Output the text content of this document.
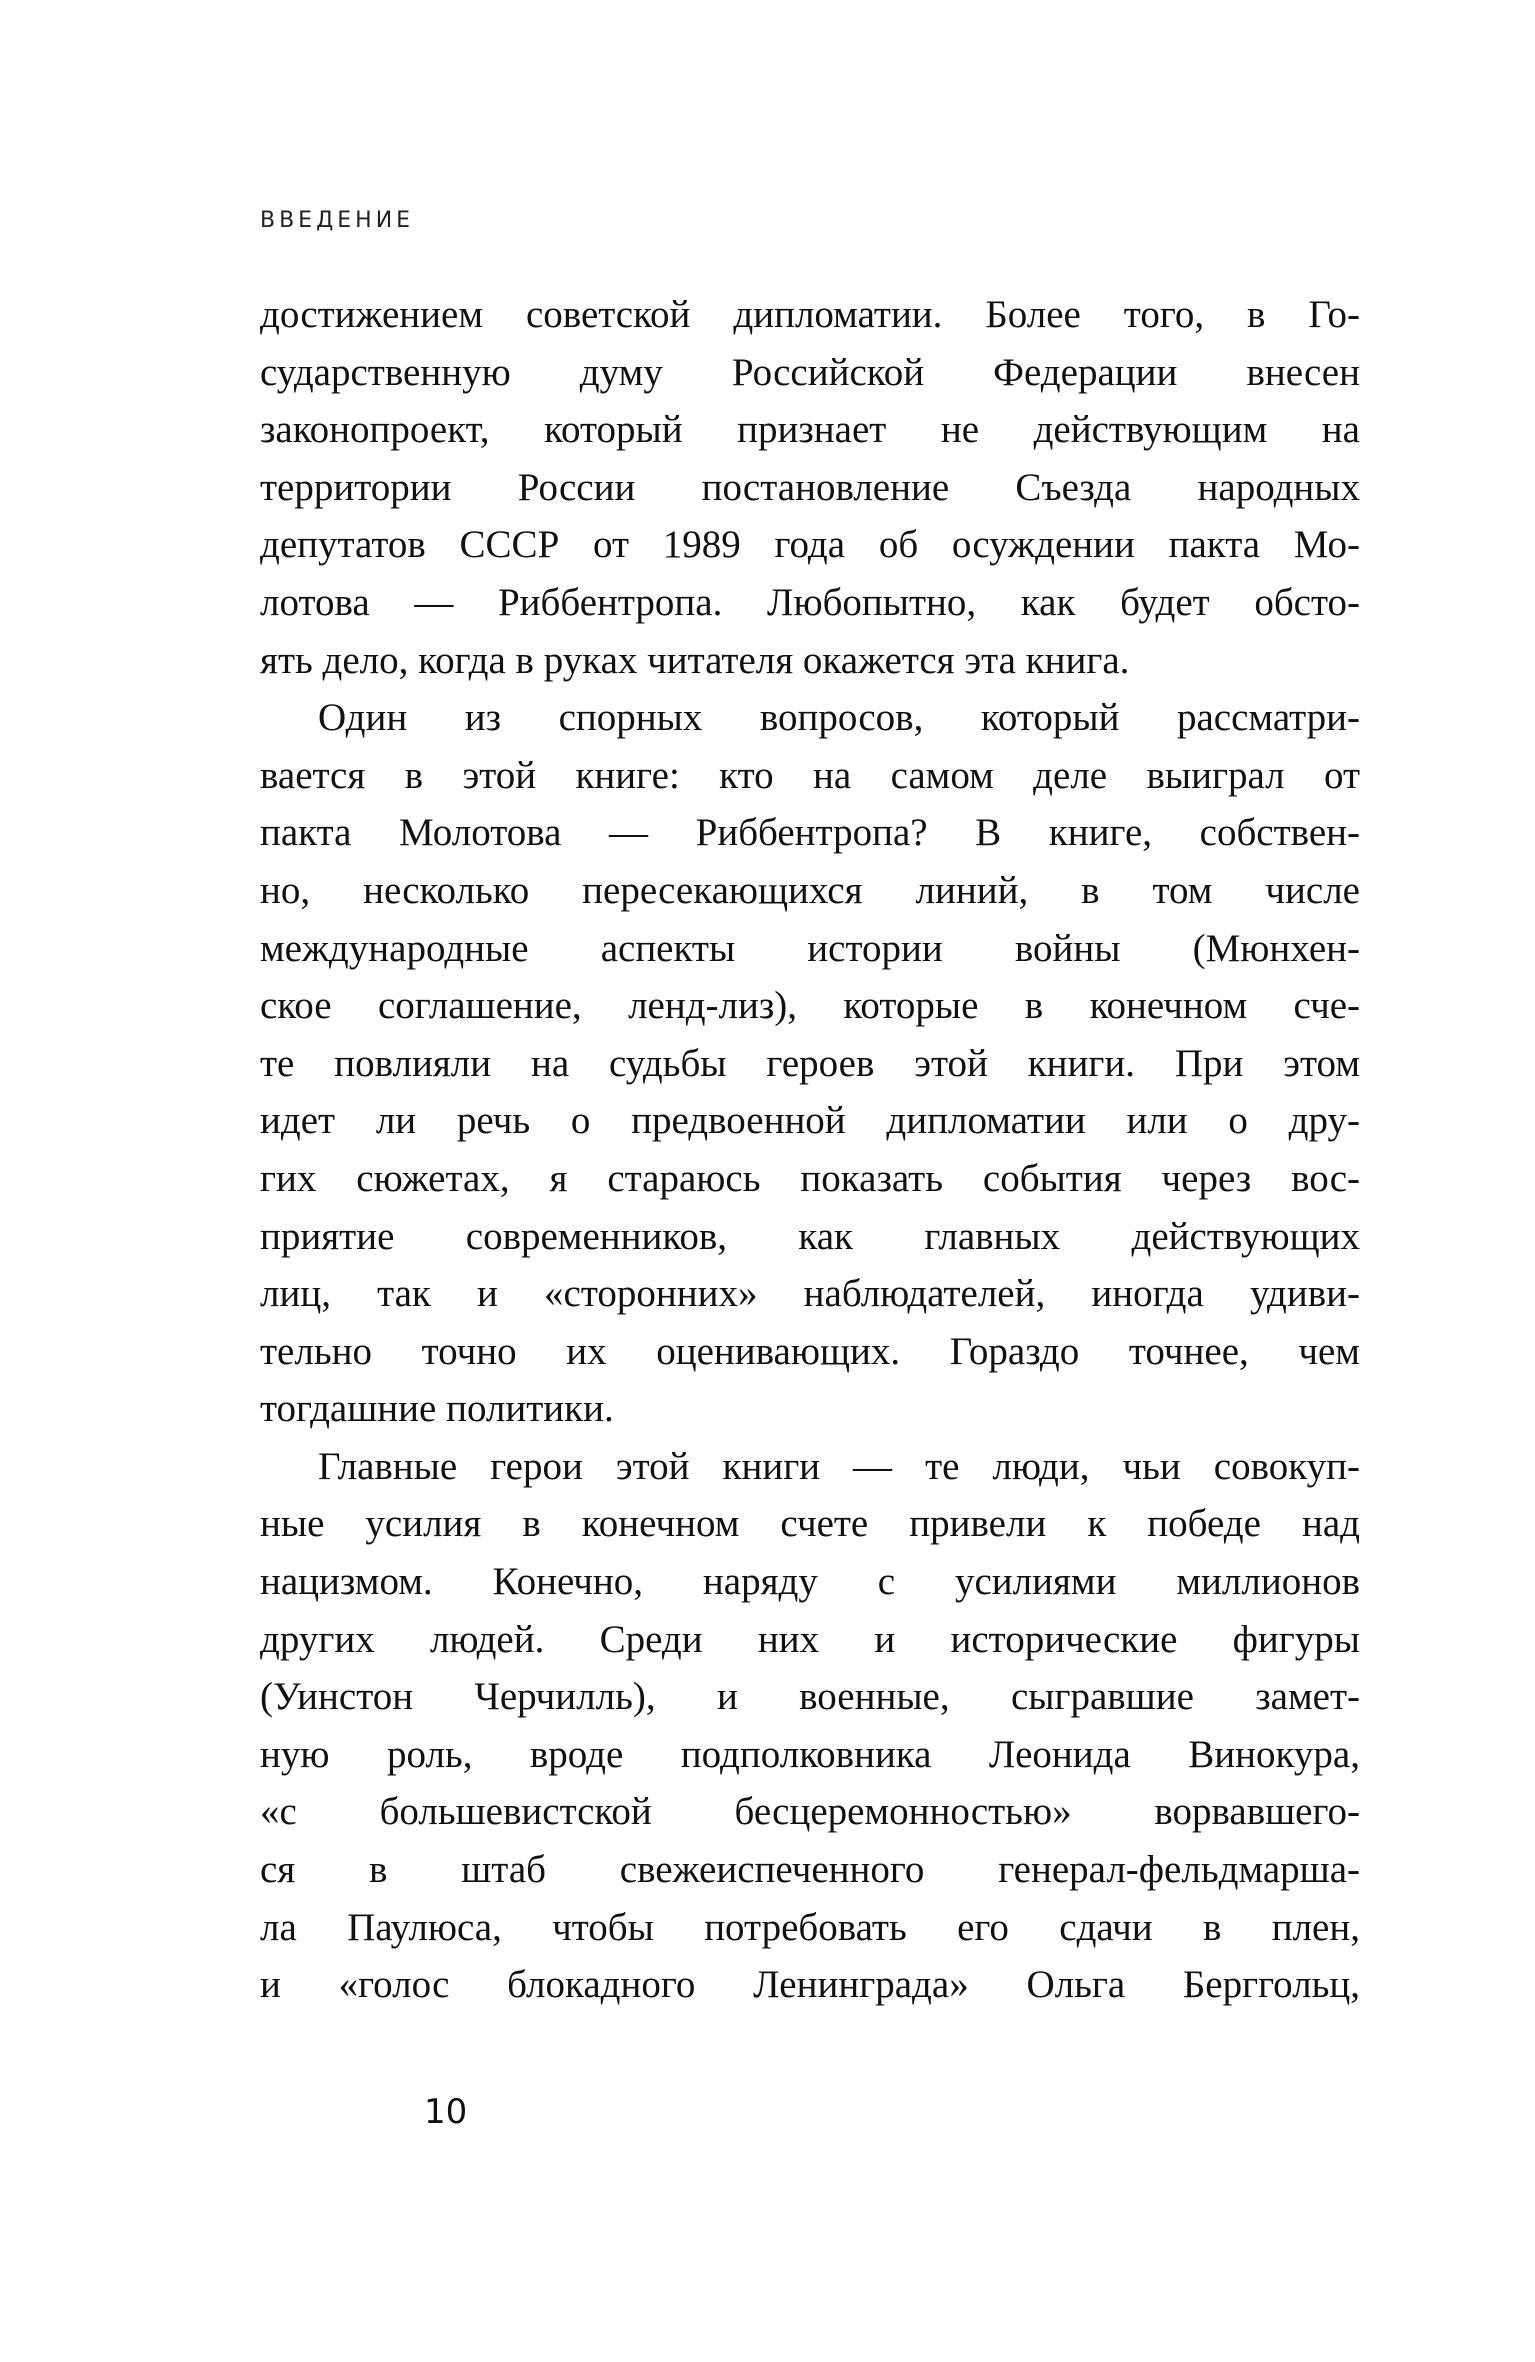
ВВЕДЕНИЕ
достижением советской дипломатии. Более того, в Го-
сударственную думу Российской Федерации внесен
законопроект, который признает не действующим на
территории России постановление Съезда народных
депутатов СССР от 1989 года об осуждении пакта Мо-
лотова — Риббентропа. Любопытно, как будет обсто-
ять дело, когда в руках читателя окажется эта книга.
Один из спорных вопросов, который рассматри-
вается в этой книге: кто на самом деле выиграл от
пакта Молотова — Риббентропа? В книге, собствен-
но, несколько пересекающихся линий, в том числе
международные аспекты истории войны (Мюнхен-
ское соглашение, ленд-лиз), которые в конечном сче-
те повлияли на судьбы героев этой книги. При этом
идет ли речь о предвоенной дипломатии или о дру-
гих сюжетах, я стараюсь показать события через вос-
приятие современников, как главных действующих
лиц, так и «сторонних» наблюдателей, иногда удиви-
тельно точно их оценивающих. Гораздо точнее, чем
тогдашние политики.
Главные герои этой книги — те люди, чьи совокуп-
ные усилия в конечном счете привели к победе над
нацизмом. Конечно, наряду с усилиями миллионов
других людей. Среди них и исторические фигуры
(Уинстон Черчилль), и военные, сыгравшие замет-
ную роль, вроде подполковника Леонида Винокура,
«с большевистской бесцеремонностью» ворвавшего-
ся в штаб свежеиспеченного генерал-фельдмарша-
ла Паулюса, чтобы потребовать его сдачи в плен,
и «голос блокадного Ленинграда» Ольга Берггольц,
10
